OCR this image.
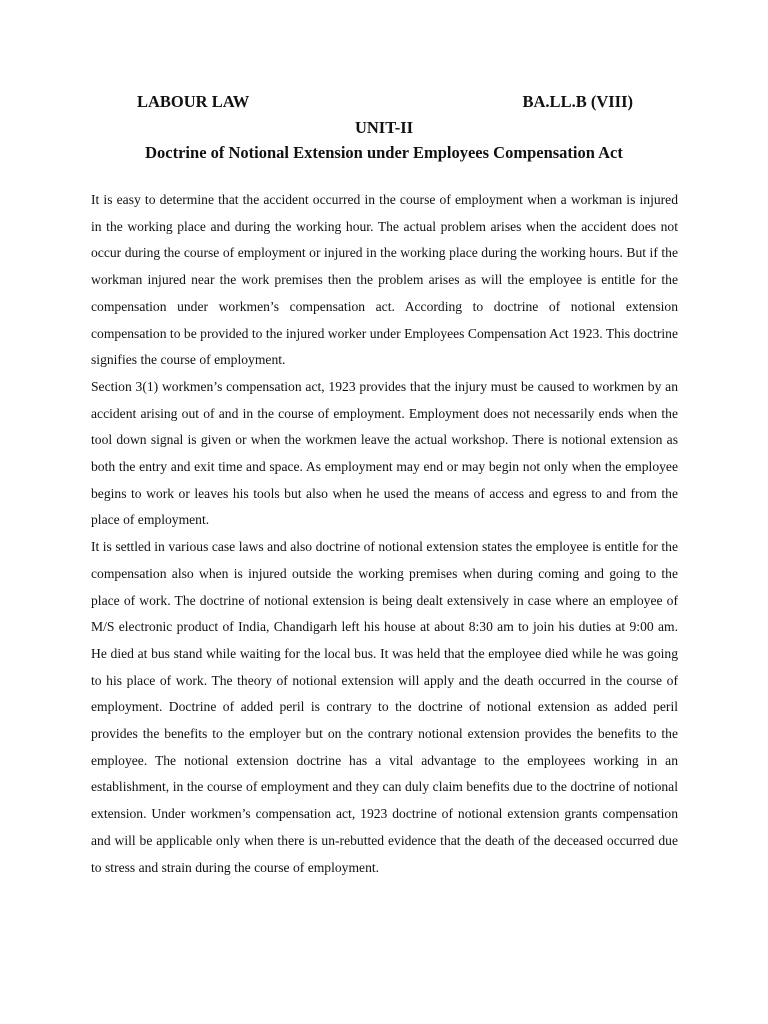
LABOUR LAW	BA.LL.B (VIII)
UNIT-II
Doctrine of Notional Extension under Employees Compensation Act

It is easy to determine that the accident occurred in the course of employment when a workman is injured in the working place and during the working hour. The actual problem arises when the accident does not occur during the course of employment or injured in the working place during the working hours. But if the workman injured near the work premises then the problem arises as will the employee is entitle for the compensation under workmen’s compensation act. According to doctrine of notional extension compensation to be provided to the injured worker under Employees Compensation Act 1923. This doctrine signifies the course of employment.

Section 3(1) workmen’s compensation act, 1923 provides that the injury must be caused to workmen by an accident arising out of and in the course of employment. Employment does not necessarily ends when the tool down signal is given or when the workmen leave the actual workshop. There is notional extension as both the entry and exit time and space. As employment may end or may begin not only when the employee begins to work or leaves his tools but also when he used the means of access and egress to and from the place of employment.

It is settled in various case laws and also doctrine of notional extension states the employee is entitle for the compensation also when is injured outside the working premises when during coming and going to the place of work. The doctrine of notional extension is being dealt extensively in case where an employee of M/S electronic product of India, Chandigarh left his house at about 8:30 am to join his duties at 9:00 am. He died at bus stand while waiting for the local bus. It was held that the employee died while he was going to his place of work. The theory of notional extension will apply and the death occurred in the course of employment. Doctrine of added peril is contrary to the doctrine of notional extension as added peril provides the benefits to the employer but on the contrary notional extension provides the benefits to the employee. The notional extension doctrine has a vital advantage to the employees working in an establishment, in the course of employment and they can duly claim benefits due to the doctrine of notional extension. Under workmen’s compensation act, 1923 doctrine of notional extension grants compensation and will be applicable only when there is un-rebutted evidence that the death of the deceased occurred due to stress and strain during the course of employment.
